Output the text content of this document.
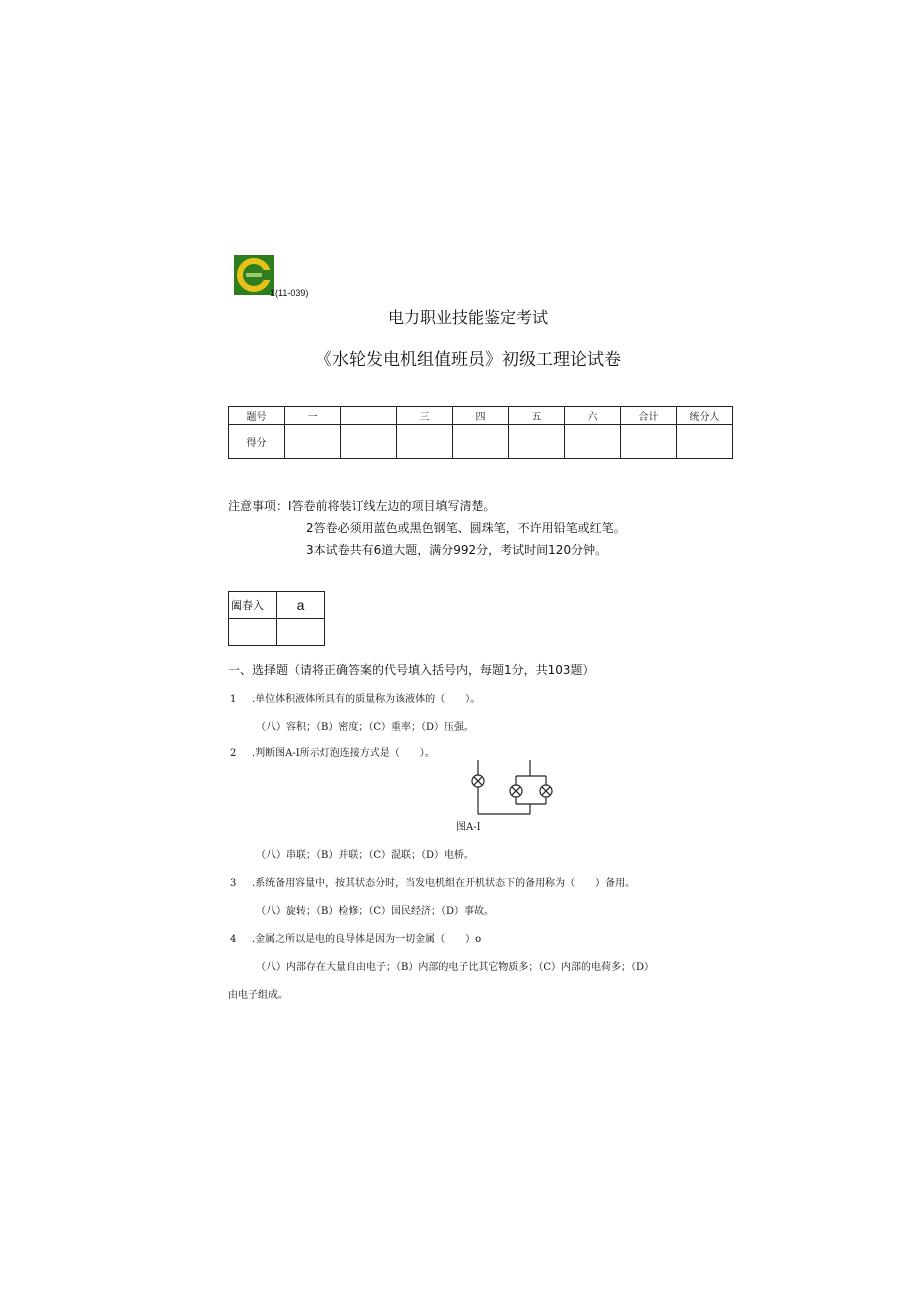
1(11-039)
电力职业技能鉴定考试
《水轮发电机组值班员》初级工理论试卷
题号	一		三	四	五	六	合计	统分人
得分								
注意事项：I答卷前将装订线左边的项目填写清楚。
2答卷必须用蓝色或黑色钢笔、圆珠笔，不许用铅笔或红笔。
3本试卷共有6道大题，满分992分，考试时间120分钟。
阖春入	a

一、选择题（请将正确答案的代号填入括号内，每题1分，共103题）
1 .单位体积液体所具有的质量称为该液体的（　　）。
（八）容积；（B）密度；（C）重率；（D）压强。
2 .判断图A-I所示灯泡连接方式是（　　）。
图A-I
（八）串联；（B）并联；（C）混联；（D）电桥。
3 .系统备用容量中，按其状态分时，当发电机组在开机状态下的备用称为（　　）备用。
（八）旋转；（B）检修；（C）国民经济；（D）事故。
4 .金属之所以是电的良导体是因为一切金属（　　）o
（八）内部存在大量自由电子；（B）内部的电子比其它物质多；（C）内部的电荷多；（D）
由电子组成。
